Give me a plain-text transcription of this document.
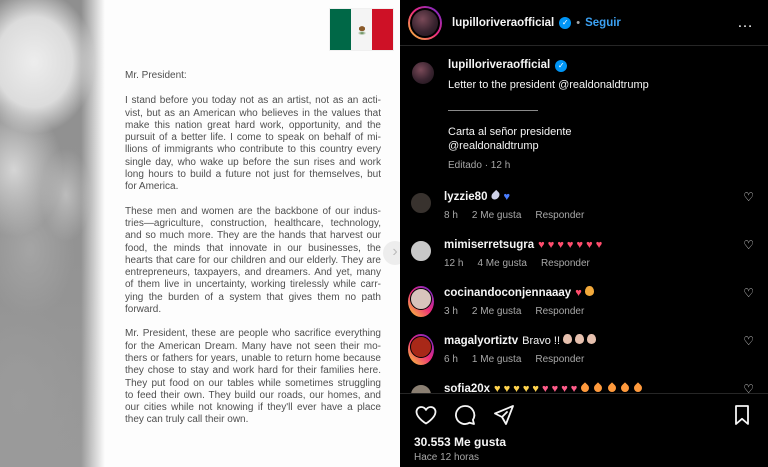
Mr. President:
I stand before you today not as an artist, not as an acti-
vist, but as an American who believes in the values that
make this nation great hard work, opportunity, and the
pursuit of a better life. I come to speak on behalf of mi-
llions of immigrants who contribute to this country every
single day, who wake up before the sun rises and work
long hours to build a future not just for themselves, but
for America.
These men and women are the backbone of our indus-
tries—agriculture, construction, healthcare, technology,
and so much more. They are the hands that harvest our
food, the minds that innovate in our businesses, the
hearts that care for our children and our elderly. They are
entrepreneurs, taxpayers, and dreamers. And yet, many
of them live in uncertainty, working tirelessly while carr-
ying the burden of a system that gives them no path
forward.
Mr. President, these are people who sacrifice everything
for the American Dream. Many have not seen their mo-
thers or fathers for years, unable to return home because
they chose to stay and work hard for their families here.
They put food on our tables while sometimes struggling
to feed their own. They build our roads, our homes, and
our cities while not knowing if they'll ever have a place
they can truly call their own.
›
lupilloriveraofficial ✓ • Seguir	…
lupilloriveraofficial ✓
Letter to the president @realdonaldtrump
Carta al señor presidente
@realdonaldtrump
Editado · 12 h
lyzzie80	♥
8 h 2 Me gusta Responder
♡
mimiserretsugra ♥ ♥ ♥ ♥ ♥ ♥ ♥
12 h 4 Me gusta Responder
♡
cocinandoconjennaaay ♥
3 h 2 Me gusta Responder
♡
magalyortiztv Bravo !!
6 h 1 Me gusta Responder
♡
sofia20x ♥ ♥ ♥ ♥ ♥ ♥ ♥ ♥ ♥	♡
30.553 Me gusta
Hace 12 horas
